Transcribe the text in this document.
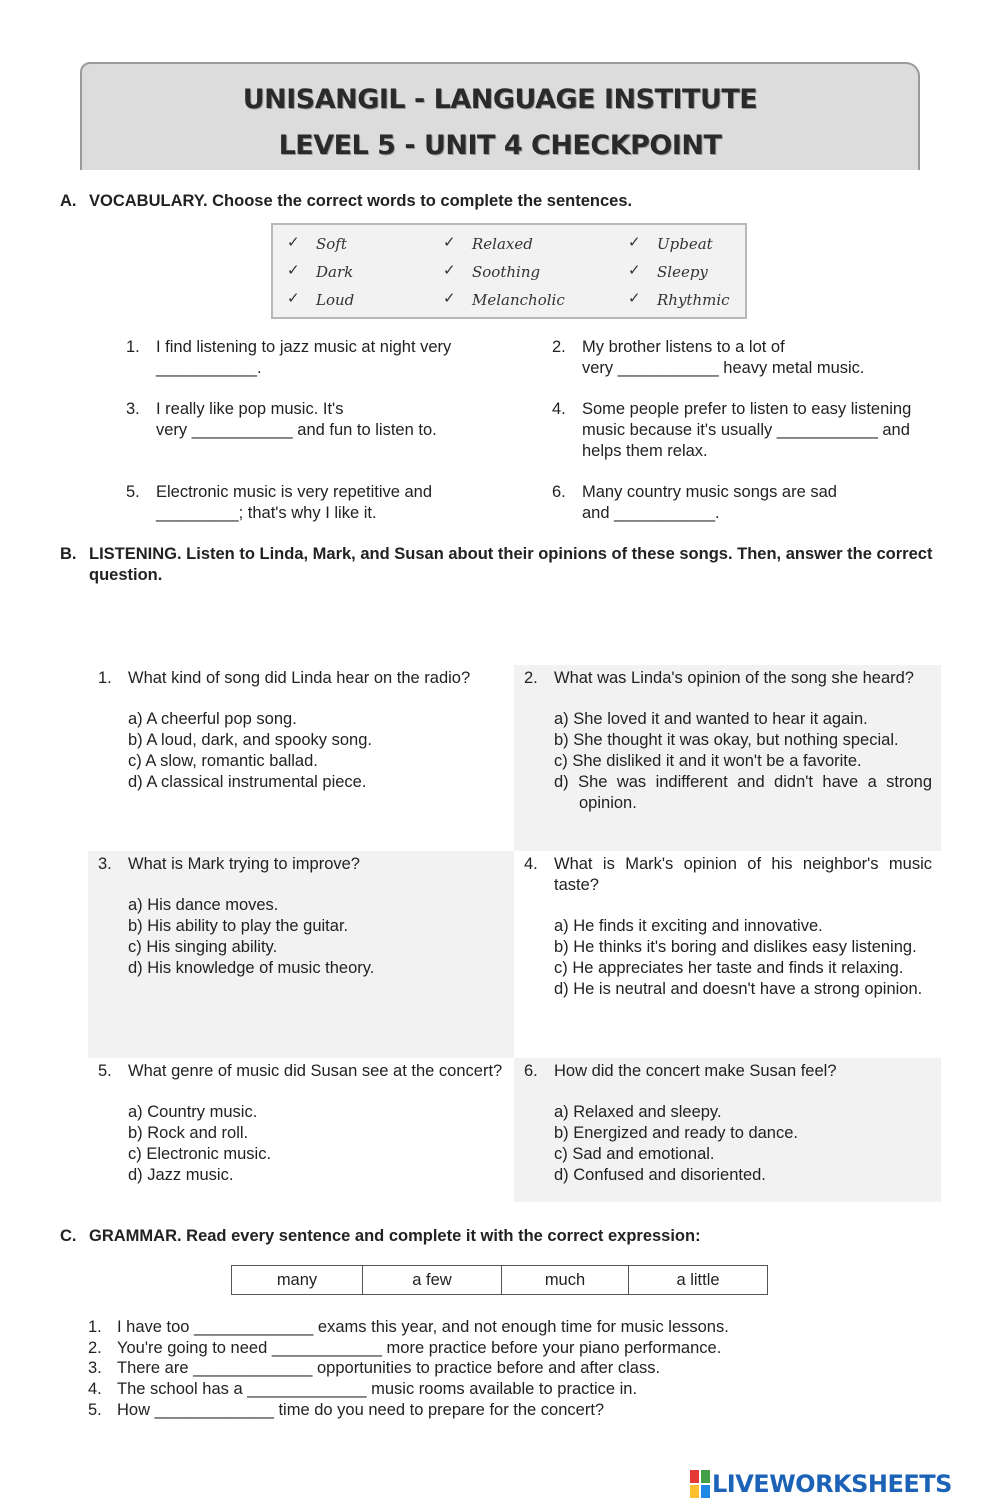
UNISANGIL - LANGUAGE INSTITUTE
LEVEL 5 - UNIT 4 CHECKPOINT
A. VOCABULARY. Choose the correct words to complete the sentences.
✓ Soft	✓ Relaxed	✓ Upbeat
✓ Dark	✓ Soothing	✓ Sleepy
✓ Loud	✓ Melancholic	✓ Rhythmic
1. I find listening to jazz music at night very
___________.
2. My brother listens to a lot of
very ___________ heavy metal music.
3. I really like pop music. It's
very ___________ and fun to listen to.
4. Some people prefer to listen to easy listening
music because it's usually ___________ and
helps them relax.
5. Electronic music is very repetitive and
_________; that's why I like it.
6. Many country music songs are sad
and ___________.
B. LISTENING. Listen to Linda, Mark, and Susan about their opinions of these songs. Then, answer the correct question.
1. What kind of song did Linda hear on the radio?
a) A cheerful pop song.
b) A loud, dark, and spooky song.
c) A slow, romantic ballad.
d) A classical instrumental piece.
2. What was Linda's opinion of the song she heard?
a) She loved it and wanted to hear it again.
b) She thought it was okay, but nothing special.
c) She disliked it and it won't be a favorite.
d) She was indifferent and didn't have a strong opinion.
3. What is Mark trying to improve?
a) His dance moves.
b) His ability to play the guitar.
c) His singing ability.
d) His knowledge of music theory.
4. What is Mark's opinion of his neighbor's music taste?
a) He finds it exciting and innovative.
b) He thinks it's boring and dislikes easy listening.
c) He appreciates her taste and finds it relaxing.
d) He is neutral and doesn't have a strong opinion.
5. What genre of music did Susan see at the concert?
a) Country music.
b) Rock and roll.
c) Electronic music.
d) Jazz music.
6. How did the concert make Susan feel?
a) Relaxed and sleepy.
b) Energized and ready to dance.
c) Sad and emotional.
d) Confused and disoriented.
C. GRAMMAR. Read every sentence and complete it with the correct expression:
many	a few	much	a little
1. I have too _____________ exams this year, and not enough time for music lessons.
2. You're going to need ____________ more practice before your piano performance.
3. There are _____________ opportunities to practice before and after class.
4. The school has a _____________ music rooms available to practice in.
5. How _____________ time do you need to prepare for the concert?
LIVEWORKSHEETS
